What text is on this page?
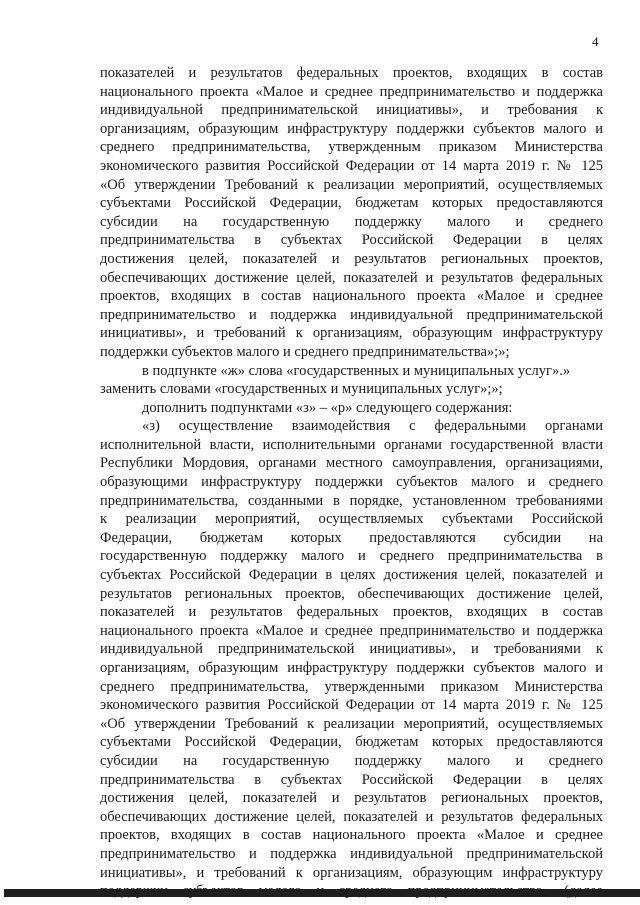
4
показателей и результатов федеральных проектов, входящих в состав
национального проекта «Малое и среднее предпринимательство и поддержка
индивидуальной предпринимательской инициативы», и требования к
организациям, образующим инфраструктуру поддержки субъектов малого и
среднего предпринимательства, утвержденным приказом Министерства
экономического развития Российской Федерации от 14 марта 2019 г. № 125
«Об утверждении Требований к реализации мероприятий, осуществляемых
субъектами Российской Федерации, бюджетам которых предоставляются
субсидии на государственную поддержку малого и среднего
предпринимательства в субъектах Российской Федерации в целях
достижения целей, показателей и результатов региональных проектов,
обеспечивающих достижение целей, показателей и результатов федеральных
проектов, входящих в состав национального проекта «Малое и среднее
предпринимательство и поддержка индивидуальной предпринимательской
инициативы», и требований к организациям, образующим инфраструктуру
поддержки субъектов малого и среднего предпринимательства»;»;
в подпункте «ж» слова «государственных и муниципальных услуг».»
заменить словами «государственных и муниципальных услуг»;»;
дополнить подпунктами «з» – «р» следующего содержания:
«з) осуществление взаимодействия с федеральными органами
исполнительной власти, исполнительными органами государственной власти
Республики Мордовия, органами местного самоуправления, организациями,
образующими инфраструктуру поддержки субъектов малого и среднего
предпринимательства, созданными в порядке, установленном требованиями
к реализации мероприятий, осуществляемых субъектами Российской
Федерации, бюджетам которых предоставляются субсидии на
государственную поддержку малого и среднего предпринимательства в
субъектах Российской Федерации в целях достижения целей, показателей и
результатов региональных проектов, обеспечивающих достижение целей,
показателей и результатов федеральных проектов, входящих в состав
национального проекта «Малое и среднее предпринимательство и поддержка
индивидуальной предпринимательской инициативы», и требованиями к
организациям, образующим инфраструктуру поддержки субъектов малого и
среднего предпринимательства, утвержденными приказом Министерства
экономического развития Российской Федерации от 14 марта 2019 г. № 125
«Об утверждении Требований к реализации мероприятий, осуществляемых
субъектами Российской Федерации, бюджетам которых предоставляются
субсидии на государственную поддержку малого и среднего
предпринимательства в субъектах Российской Федерации в целях
достижения целей, показателей и результатов региональных проектов,
обеспечивающих достижение целей, показателей и результатов федеральных
проектов, входящих в состав национального проекта «Малое и среднее
предпринимательство и поддержка индивидуальной предпринимательской
инициативы», и требований к организациям, образующим инфраструктуру
